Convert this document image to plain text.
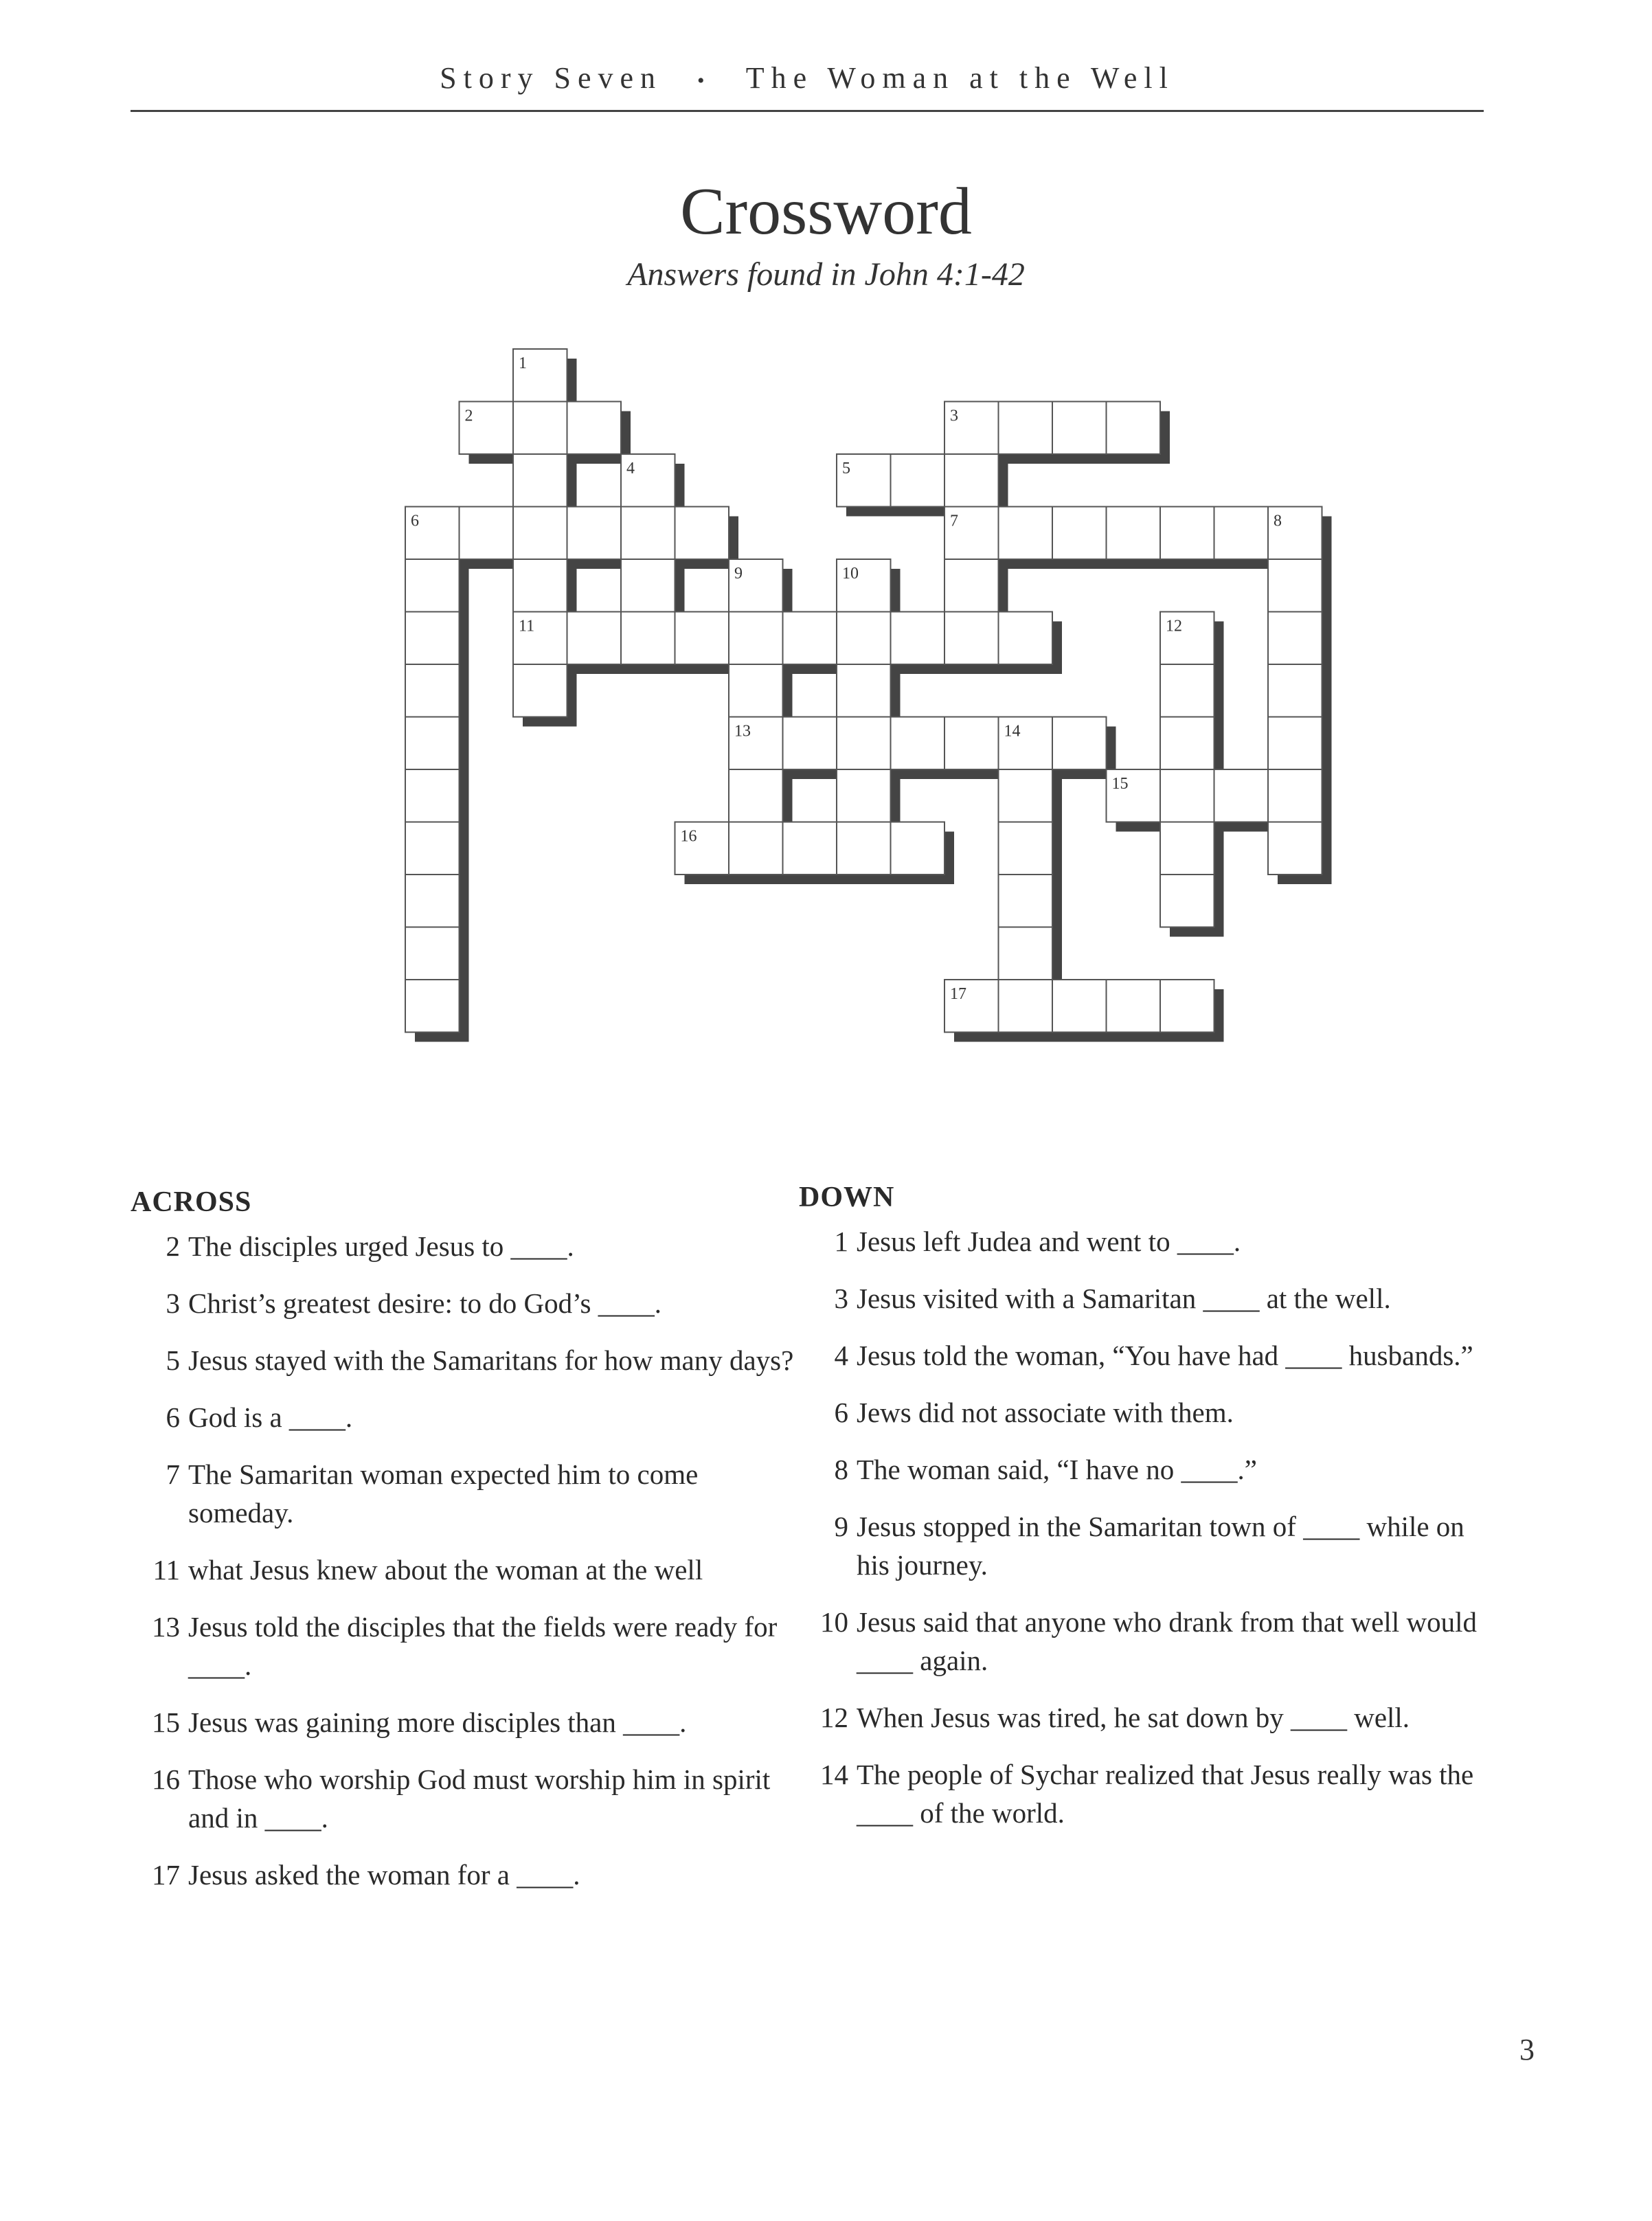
Story Seven • The Woman at the Well
Crossword
Answers found in John 4:1-42
1
11
2	3
7
4	5
6	8
9
13
10
12
14
15
16
17
ACROSS
2 The disciples urged Jesus to ____.
3 Christ’s greatest desire: to do God’s ____.
5 Jesus stayed with the Samaritans for how many days?
6 God is a ____.
7 The Samaritan woman expected him to come someday.
11 what Jesus knew about the woman at the well
13 Jesus told the disciples that the fields were ready for ____.
15 Jesus was gaining more disciples than ____.
16 Those who worship God must worship him in spirit and in ____.
17 Jesus asked the woman for a ____.
DOWN
1 Jesus left Judea and went to ____.
3 Jesus visited with a Samaritan ____ at the well.
4 Jesus told the woman, “You have had ____ husbands.”
6 Jews did not associate with them.
8 The woman said, “I have no ____.”
9 Jesus stopped in the Samaritan town of ____ while on his journey.
10 Jesus said that anyone who drank from that well would ____ again.
12 When Jesus was tired, he sat down by ____ well.
14 The people of Sychar realized that Jesus really was the ____ of the world.
3
